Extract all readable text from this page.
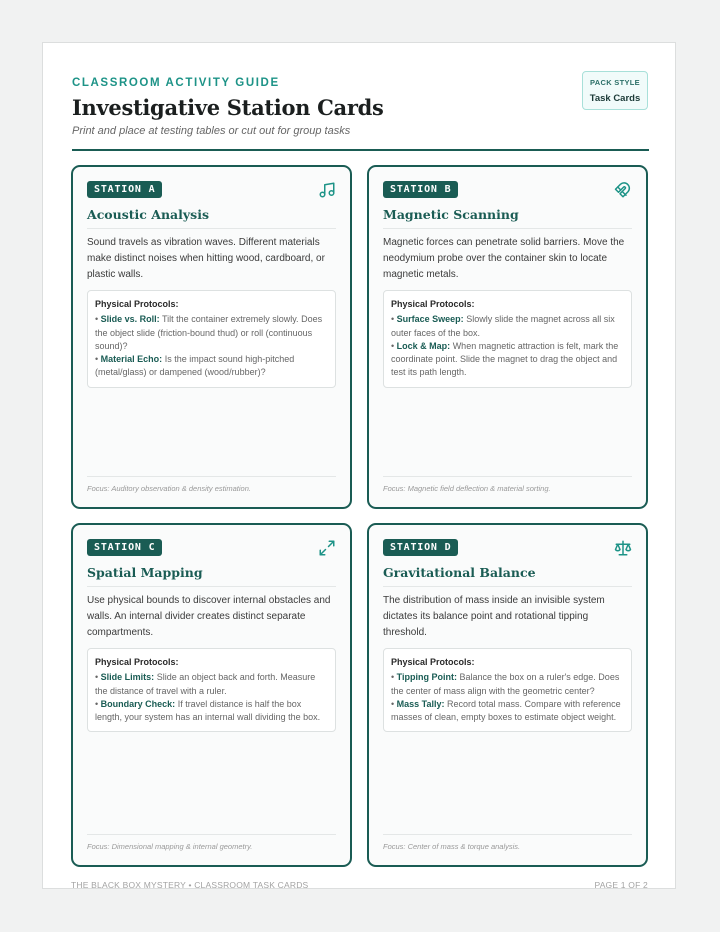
CLASSROOM ACTIVITY GUIDE
Investigative Station Cards
Print and place at testing tables or cut out for group tasks
PACK STYLE
Task Cards
STATION A
Acoustic Analysis
Sound travels as vibration waves. Different materials make distinct noises when hitting wood, cardboard, or plastic walls.
Physical Protocols:
• Slide vs. Roll: Tilt the container extremely slowly. Does the object slide (friction-bound thud) or roll (continuous sound)?
• Material Echo: Is the impact sound high-pitched (metal/glass) or dampened (wood/rubber)?
Focus: Auditory observation & density estimation.
STATION B
Magnetic Scanning
Magnetic forces can penetrate solid barriers. Move the neodymium probe over the container skin to locate magnetic metals.
Physical Protocols:
• Surface Sweep: Slowly slide the magnet across all six outer faces of the box.
• Lock & Map: When magnetic attraction is felt, mark the coordinate point. Slide the magnet to drag the object and test its path length.
Focus: Magnetic field deflection & material sorting.
STATION C
Spatial Mapping
Use physical bounds to discover internal obstacles and walls. An internal divider creates distinct separate compartments.
Physical Protocols:
• Slide Limits: Slide an object back and forth. Measure the distance of travel with a ruler.
• Boundary Check: If travel distance is half the box length, your system has an internal wall dividing the box.
Focus: Dimensional mapping & internal geometry.
STATION D
Gravitational Balance
The distribution of mass inside an invisible system dictates its balance point and rotational tipping threshold.
Physical Protocols:
• Tipping Point: Balance the box on a ruler's edge. Does the center of mass align with the geometric center?
• Mass Tally: Record total mass. Compare with reference masses of clean, empty boxes to estimate object weight.
Focus: Center of mass & torque analysis.
THE BLACK BOX MYSTERY • CLASSROOM TASK CARDS	PAGE 1 OF 2
